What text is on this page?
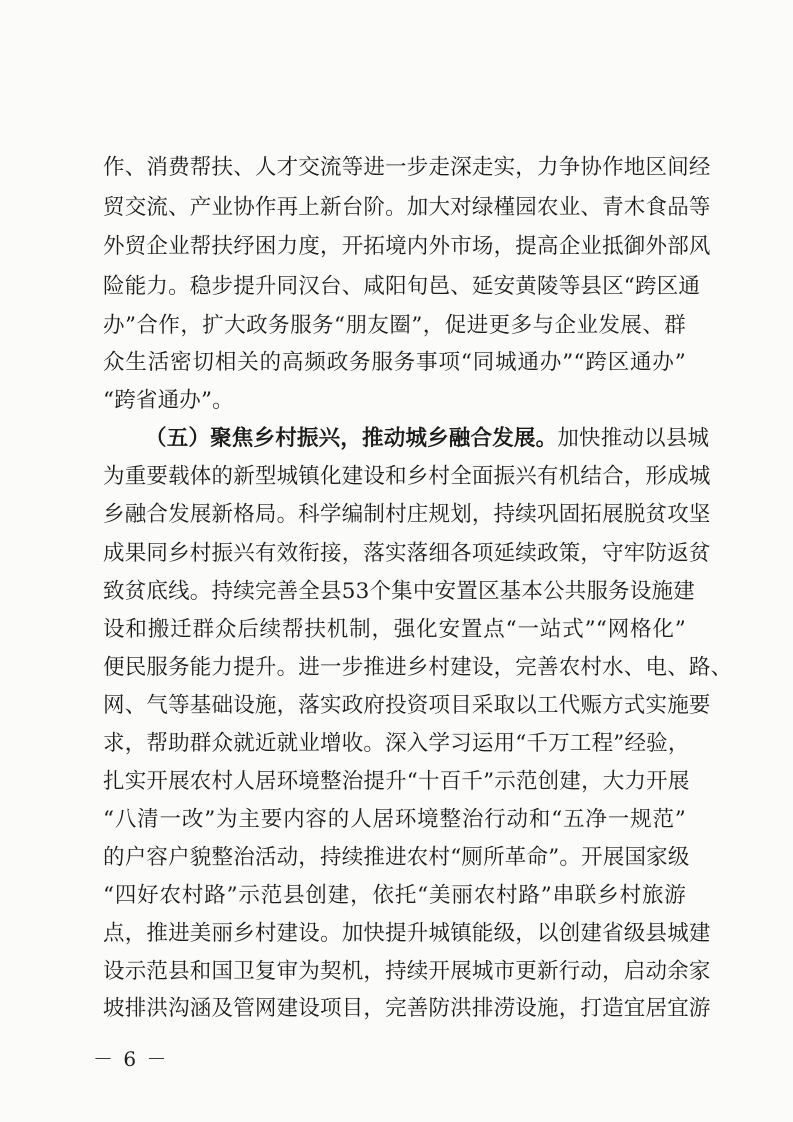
作、消费帮扶、人才交流等进一步走深走实，力争协作地区间经
贸交流、产业协作再上新台阶。加大对绿槿园农业、青木食品等
外贸企业帮扶纾困力度，开拓境内外市场，提高企业抵御外部风
险能力。稳步提升同汉台、咸阳旬邑、延安黄陵等县区“跨区通
办”合作，扩大政务服务“朋友圈”，促进更多与企业发展、群
众生活密切相关的高频政务服务事项“同城通办”“跨区通办”
“跨省通办”。
（五）聚焦乡村振兴，推动城乡融合发展。加快推动以县城
为重要载体的新型城镇化建设和乡村全面振兴有机结合，形成城
乡融合发展新格局。科学编制村庄规划，持续巩固拓展脱贫攻坚
成果同乡村振兴有效衔接，落实落细各项延续政策，守牢防返贫
致贫底线。持续完善全县53个集中安置区基本公共服务设施建
设和搬迁群众后续帮扶机制，强化安置点“一站式”“网格化”
便民服务能力提升。进一步推进乡村建设，完善农村水、电、路、
网、气等基础设施，落实政府投资项目采取以工代赈方式实施要
求，帮助群众就近就业增收。深入学习运用“千万工程”经验，
扎实开展农村人居环境整治提升“十百千”示范创建，大力开展
“八清一改”为主要内容的人居环境整治行动和“五净一规范”
的户容户貌整治活动，持续推进农村“厕所革命”。开展国家级
“四好农村路”示范县创建，依托“美丽农村路”串联乡村旅游
点，推进美丽乡村建设。加快提升城镇能级，以创建省级县城建
设示范县和国卫复审为契机，持续开展城市更新行动，启动余家
坡排洪沟涵及管网建设项目，完善防洪排涝设施，打造宜居宜游
－ 6 －
